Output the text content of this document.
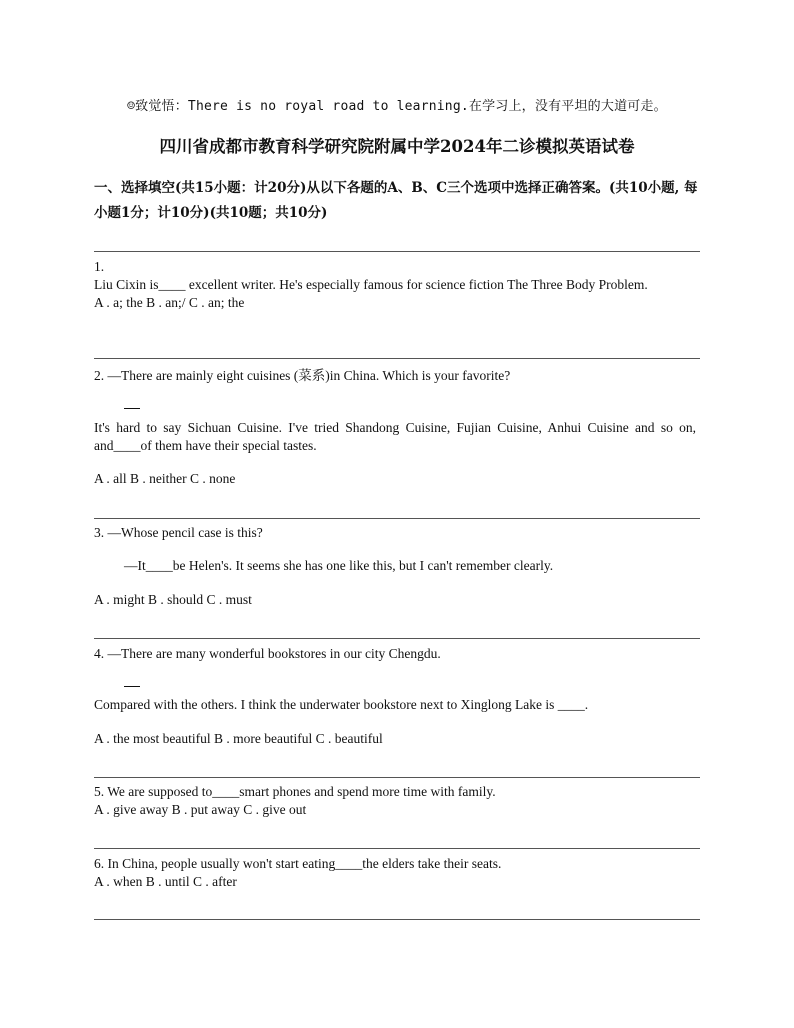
☺致觉悟：There is no royal road to learning.在学习上，没有平坦的大道可走。
四川省成都市教育科学研究院附属中学2024年二诊模拟英语试卷
一、选择填空(共15小题：计20分)从以下各题的A、B、C三个选项中选择正确答案。(共10小题, 每小题1分；计10分)(共10题；共10分)

1.

Liu Cixin is____ excellent writer. He's especially famous for science fiction The Three Body Problem.

A . a; the B . an;/ C . an; the

2. —There are mainly eight cuisines (菜系)in China. Which is your favorite?

It's hard to say Sichuan Cuisine. I've tried Shandong Cuisine, Fujian Cuisine, Anhui Cuisine and so on, and____of them have their special tastes.

A . all B . neither C . none

3. —Whose pencil case is this?

—It____be Helen's. It seems she has one like this, but I can't remember clearly.

A . might B . should C . must

4. —There are many wonderful bookstores in our city Chengdu.

Compared with the others. I think the underwater bookstore next to Xinglong Lake is ____.

A . the most beautiful B . more beautiful C . beautiful

5. We are supposed to____smart phones and spend more time with family.

A . give away B . put away C . give out

6. In China, people usually won't start eating____the elders take their seats.

A . when B . until C . after
